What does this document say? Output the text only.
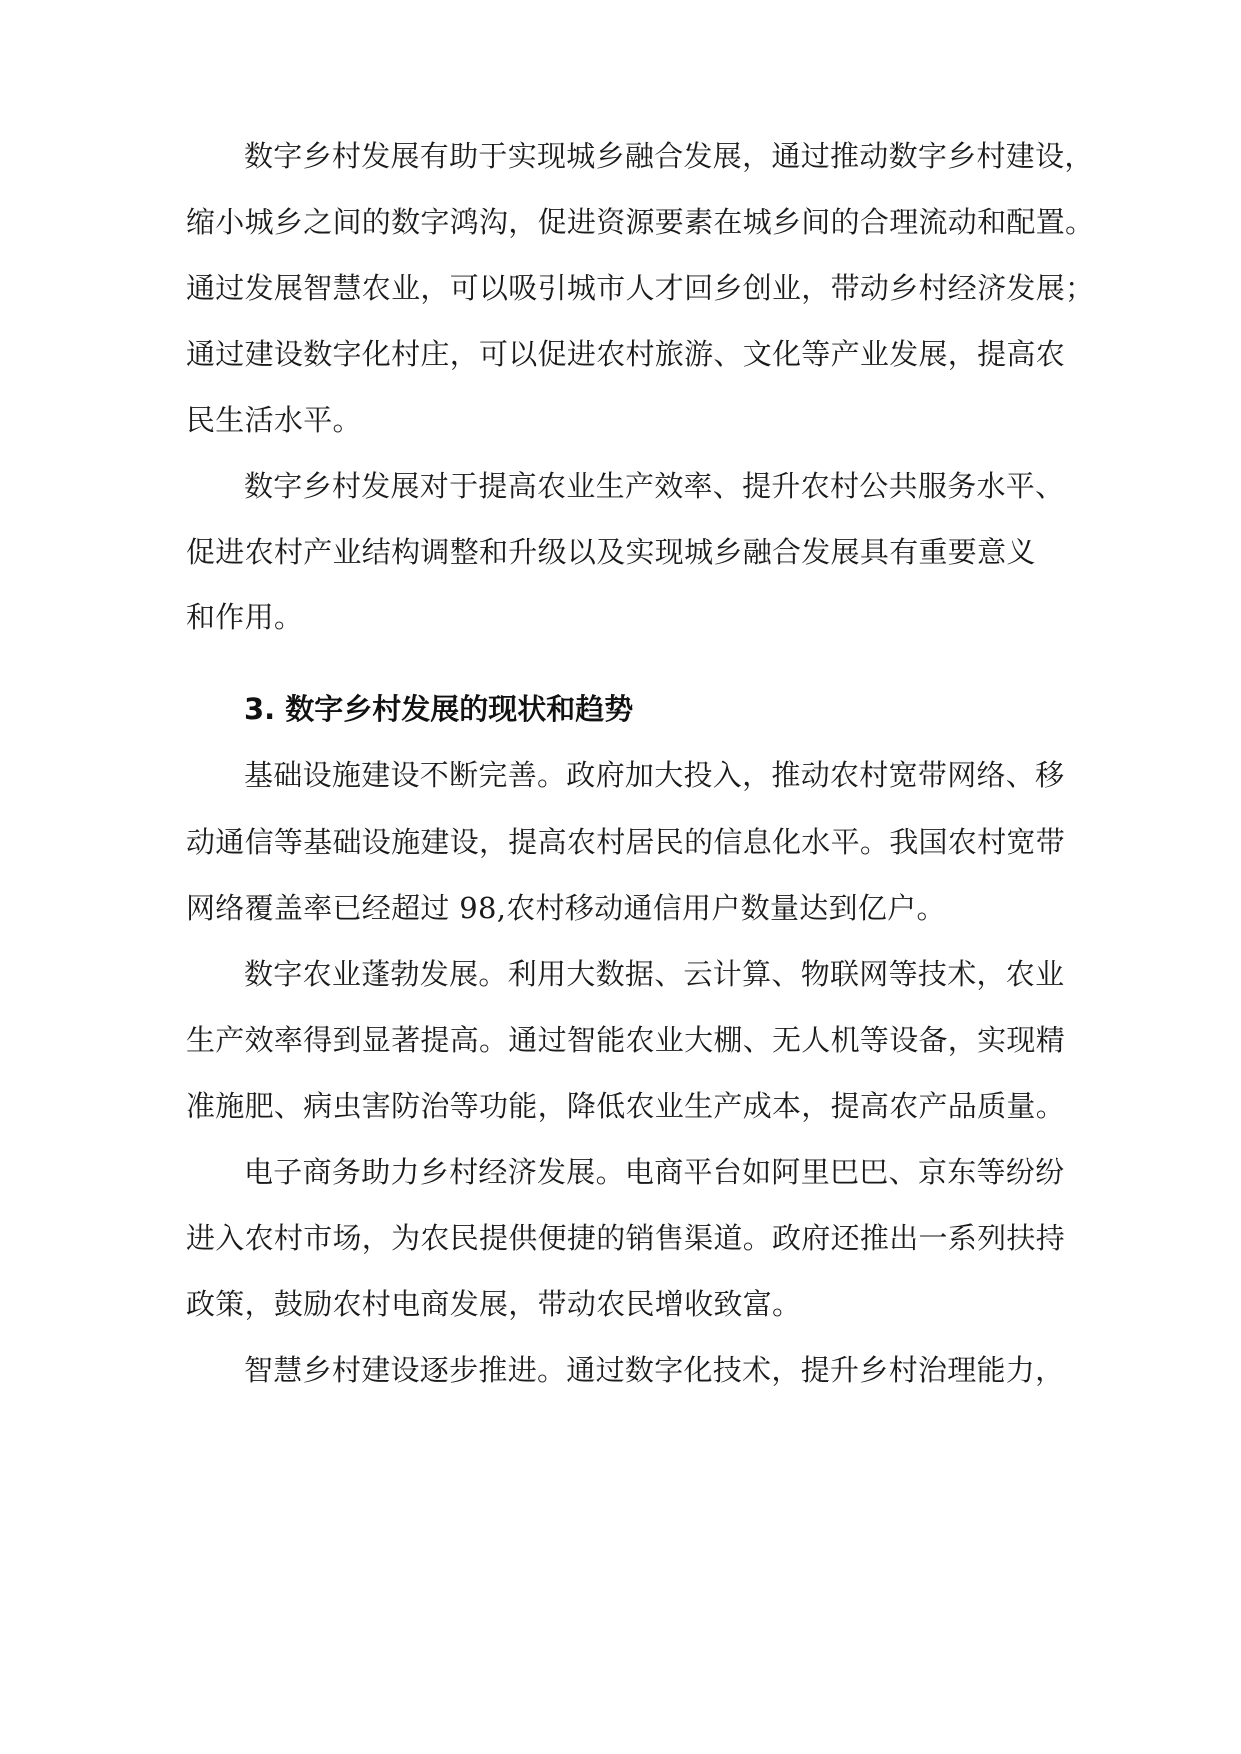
数字乡村发展有助于实现城乡融合发展，通过推动数字乡村建设，
缩小城乡之间的数字鸿沟，促进资源要素在城乡间的合理流动和配置。
通过发展智慧农业，可以吸引城市人才回乡创业，带动乡村经济发展；
通过建设数字化村庄，可以促进农村旅游、文化等产业发展，提高农
民生活水平。
数字乡村发展对于提高农业生产效率、提升农村公共服务水平、
促进农村产业结构调整和升级以及实现城乡融合发展具有重要意义
和作用。
3. 数字乡村发展的现状和趋势
基础设施建设不断完善。政府加大投入，推动农村宽带网络、移
动通信等基础设施建设，提高农村居民的信息化水平。我国农村宽带
网络覆盖率已经超过 98,农村移动通信用户数量达到亿户。
数字农业蓬勃发展。利用大数据、云计算、物联网等技术，农业
生产效率得到显著提高。通过智能农业大棚、无人机等设备，实现精
准施肥、病虫害防治等功能，降低农业生产成本，提高农产品质量。
电子商务助力乡村经济发展。电商平台如阿里巴巴、京东等纷纷
进入农村市场，为农民提供便捷的销售渠道。政府还推出一系列扶持
政策，鼓励农村电商发展，带动农民增收致富。
智慧乡村建设逐步推进。通过数字化技术，提升乡村治理能力，
